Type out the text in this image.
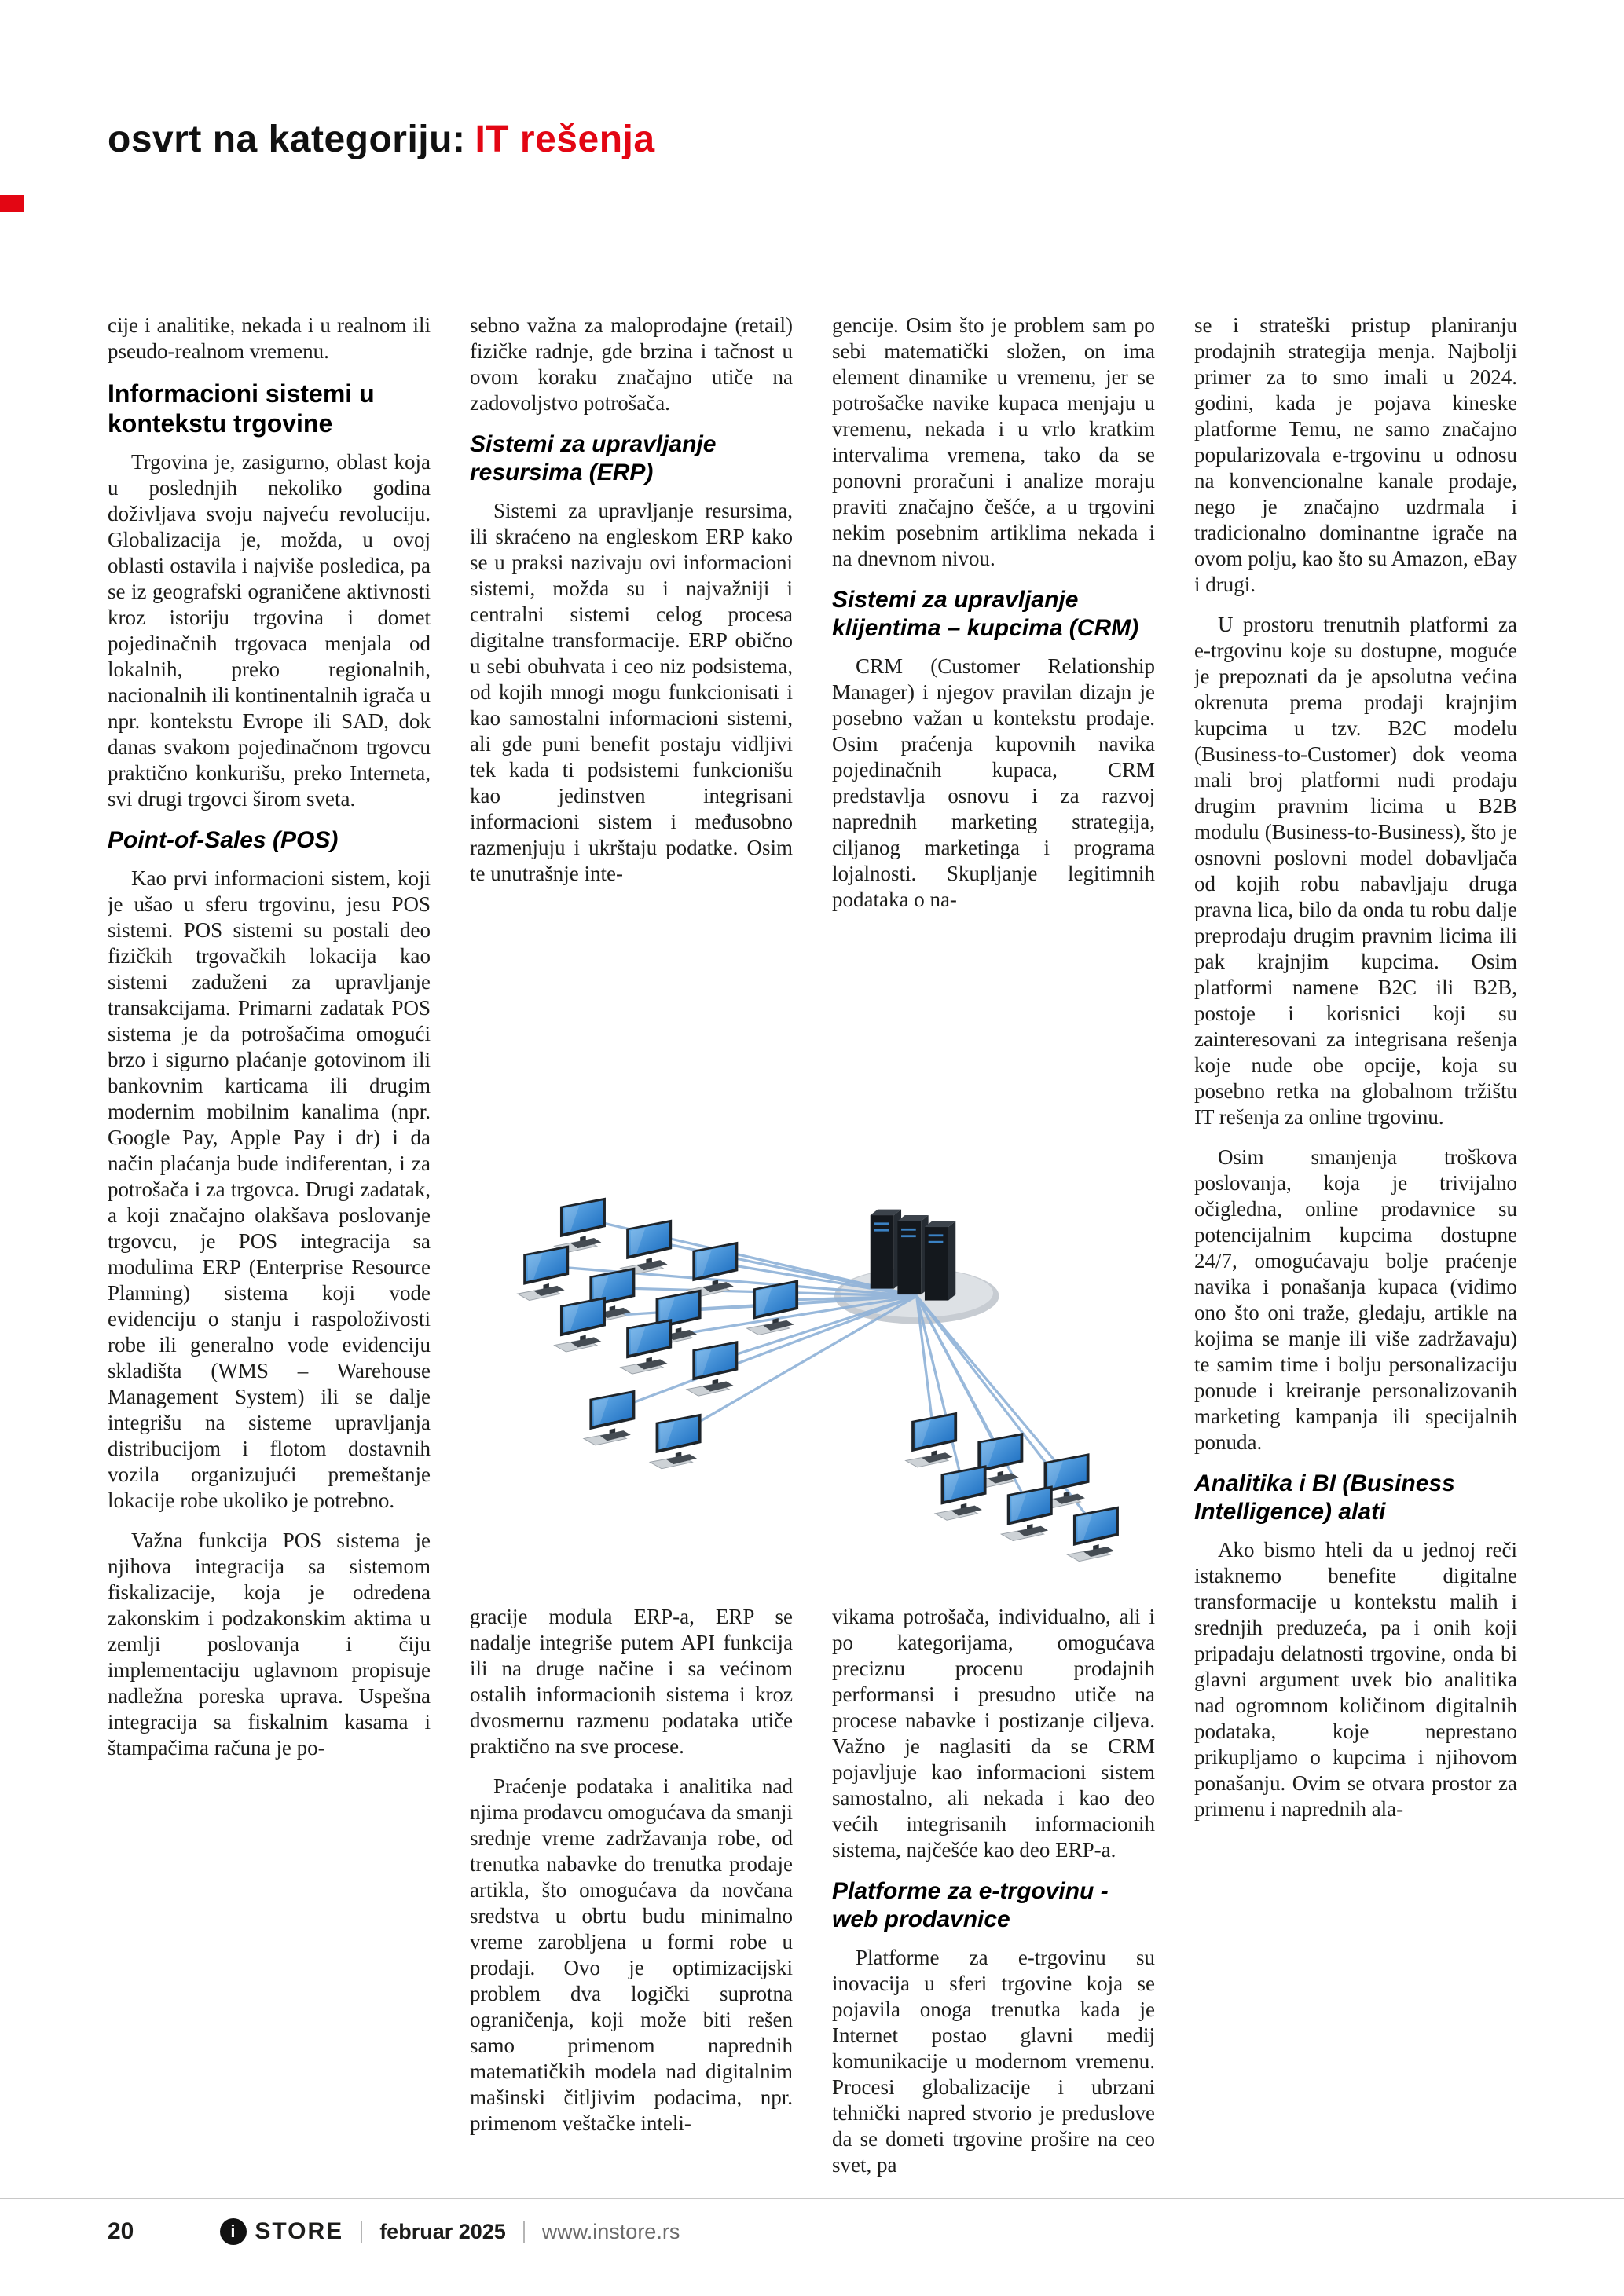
osvrt na kategoriju: IT rešenja

cije i analitike, nekada i u realnom ili pseudo-realnom vremenu.

Informacioni sistemi u kontekstu trgovine

Trgovina je, zasigurno, oblast koja u poslednjih nekoliko godina doživljava svoju najveću revoluciju. Globalizacija je, možda, u ovoj oblasti ostavila i najviše posledica, pa se iz geografski ograničene aktivnosti kroz istoriju trgovina i domet pojedinačnih trgovaca menjala od lokalnih, preko regionalnih, nacionalnih ili kontinentalnih igrača u npr. kontekstu Evrope ili SAD, dok danas svakom pojedinačnom trgovcu praktično konkurišu, preko Interneta, svi drugi trgovci širom sveta.

Point-of-Sales (POS)

Kao prvi informacioni sistem, koji je ušao u sferu trgovinu, jesu POS sistemi. POS sistemi su postali deo fizičkih trgovačkih lokacija kao sistemi zaduženi za upravljanje transakcijama. Primarni zadatak POS sistema je da potrošačima omogući brzo i sigurno plaćanje gotovinom ili bankovnim karticama ili drugim modernim mobilnim kanalima (npr. Google Pay, Apple Pay i dr) i da način plaćanja bude indiferentan, i za potrošača i za trgovca. Drugi zadatak, a koji značajno olakšava poslovanje trgovcu, je POS integracija sa modulima ERP (Enterprise Resource Planning) sistema koji vode evidenciju o stanju i raspoloživosti robe ili generalno vode evidenciju skladišta (WMS – Warehouse Management System) ili se dalje integrišu na sisteme upravljanja distribucijom i flotom dostavnih vozila organizujući premeštanje lokacije robe ukoliko je potrebno.

Važna funkcija POS sistema je njihova integracija sa sistemom fiskalizacije, koja je određena zakonskim i podzakonskim aktima u zemlji poslovanja i čiju implementaciju uglavnom propisuje nadležna poreska uprava. Uspešna integracija sa fiskalnim kasama i štampačima računa je po-

sebno važna za maloprodajne (retail) fizičke radnje, gde brzina i tačnost u ovom koraku značajno utiče na zadovoljstvo potrošača.

Sistemi za upravljanje resursima (ERP)

Sistemi za upravljanje resursima, ili skraćeno na engleskom ERP kako se u praksi nazivaju ovi informacioni sistemi, možda su i najvažniji i centralni sistemi celog procesa digitalne transformacije. ERP obično u sebi obuhvata i ceo niz podsistema, od kojih mnogi mogu funkcionisati i kao samostalni informacioni sistemi, ali gde puni benefit postaju vidljivi tek kada ti podsistemi funkcionišu kao jedinstven integrisani informacioni sistem i međusobno razmenjuju i ukrštaju podatke. Osim te unutrašnje inte-

gracije modula ERP-a, ERP se nadalje integriše putem API funkcija ili na druge načine i sa većinom ostalih informacionih sistema i kroz dvosmernu razmenu podataka utiče praktično na sve procese.

Praćenje podataka i analitika nad njima prodavcu omogućava da smanji srednje vreme zadržavanja robe, od trenutka nabavke do trenutka prodaje artikla, što omogućava da novčana sredstva u obrtu budu minimalno vreme zarobljena u formi robe u prodaji. Ovo je optimizacijski problem dva logički suprotna ograničenja, koji može biti rešen samo primenom naprednih matematičkih modela nad digitalnim mašinski čitljivim podacima, npr. primenom veštačke inteli-

gencije. Osim što je problem sam po sebi matematički složen, on ima element dinamike u vremenu, jer se potrošačke navike kupaca menjaju u vremenu, nekada i u vrlo kratkim intervalima vremena, tako da se ponovni proračuni i analize moraju praviti značajno češće, a u trgovini nekim posebnim artiklima nekada i na dnevnom nivou.

Sistemi za upravljanje klijentima – kupcima (CRM)

CRM (Customer Relationship Manager) i njegov pravilan dizajn je posebno važan u kontekstu prodaje. Osim praćenja kupovnih navika pojedinačnih kupaca, CRM predstavlja osnovu i za razvoj naprednih marketing strategija, ciljanog marketinga i programa lojalnosti. Skupljanje legitimnih podataka o na-

vikama potrošača, individualno, ali i po kategorijama, omogućava preciznu procenu prodajnih performansi i presudno utiče na procese nabavke i postizanje ciljeva. Važno je naglasiti da se CRM pojavljuje kao informacioni sistem samostalno, ali nekada i kao deo većih integrisanih informacionih sistema, najčešće kao deo ERP-a.

Platforme za e-trgovinu - web prodavnice

Platforme za e-trgovinu su inovacija u sferi trgovine koja se pojavila onoga trenutka kada je Internet postao glavni medij komunikacije u modernom vremenu. Procesi globalizacije i ubrzani tehnički napred stvorio je preduslove da se dometi trgovine prošire na ceo svet, pa

se i strateški pristup planiranju prodajnih strategija menja. Najbolji primer za to smo imali u 2024. godini, kada je pojava kineske platforme Temu, ne samo značajno popularizovala e-trgovinu u odnosu na konvencionalne kanale prodaje, nego je značajno uzdrmala i tradicionalno dominantne igrače na ovom polju, kao što su Amazon, eBay i drugi.

U prostoru trenutnih platformi za e-trgovinu koje su dostupne, moguće je prepoznati da je apsolutna većina okrenuta prema prodaji krajnjim kupcima u tzv. B2C modelu (Business-to-Customer) dok veoma mali broj platformi nudi prodaju drugim pravnim licima u B2B modulu (Business-to-Business), što je osnovni poslovni model dobavljača od kojih robu nabavljaju druga pravna lica, bilo da onda tu robu dalje preprodaju drugim pravnim licima ili pak krajnjim kupcima. Osim platformi namene B2C ili B2B, postoje i korisnici koji su zainteresovani za integrisana rešenja koje nude obe opcije, koja su posebno retka na globalnom tržištu IT rešenja za online trgovinu.

Osim smanjenja troškova poslovanja, koja je trivijalno očigledna, online prodavnice su potencijalnim kupcima dostupne 24/7, omogućavaju bolje praćenje navika i ponašanja kupaca (vidimo ono što oni traže, gledaju, artikle na kojima se manje ili više zadržavaju) te samim time i bolju personalizaciju ponude i kreiranje personalizovanih marketing kampanja ili specijalnih ponuda.

Analitika i BI (Business Intelligence) alati

Ako bismo hteli da u jednoj reči istaknemo benefite digitalne transformacije u kontekstu malih i srednjih preduzeća, pa i onih koji pripadaju delatnosti trgovine, onda bi glavni argument uvek bio analitika nad ogromnom količinom digitalnih podataka, koje neprestano prikupljamo o kupcima i njihovom ponašanju. Ovim se otvara prostor za primenu i naprednih ala-

20	i STORE februar 2025 www.instore.rs
